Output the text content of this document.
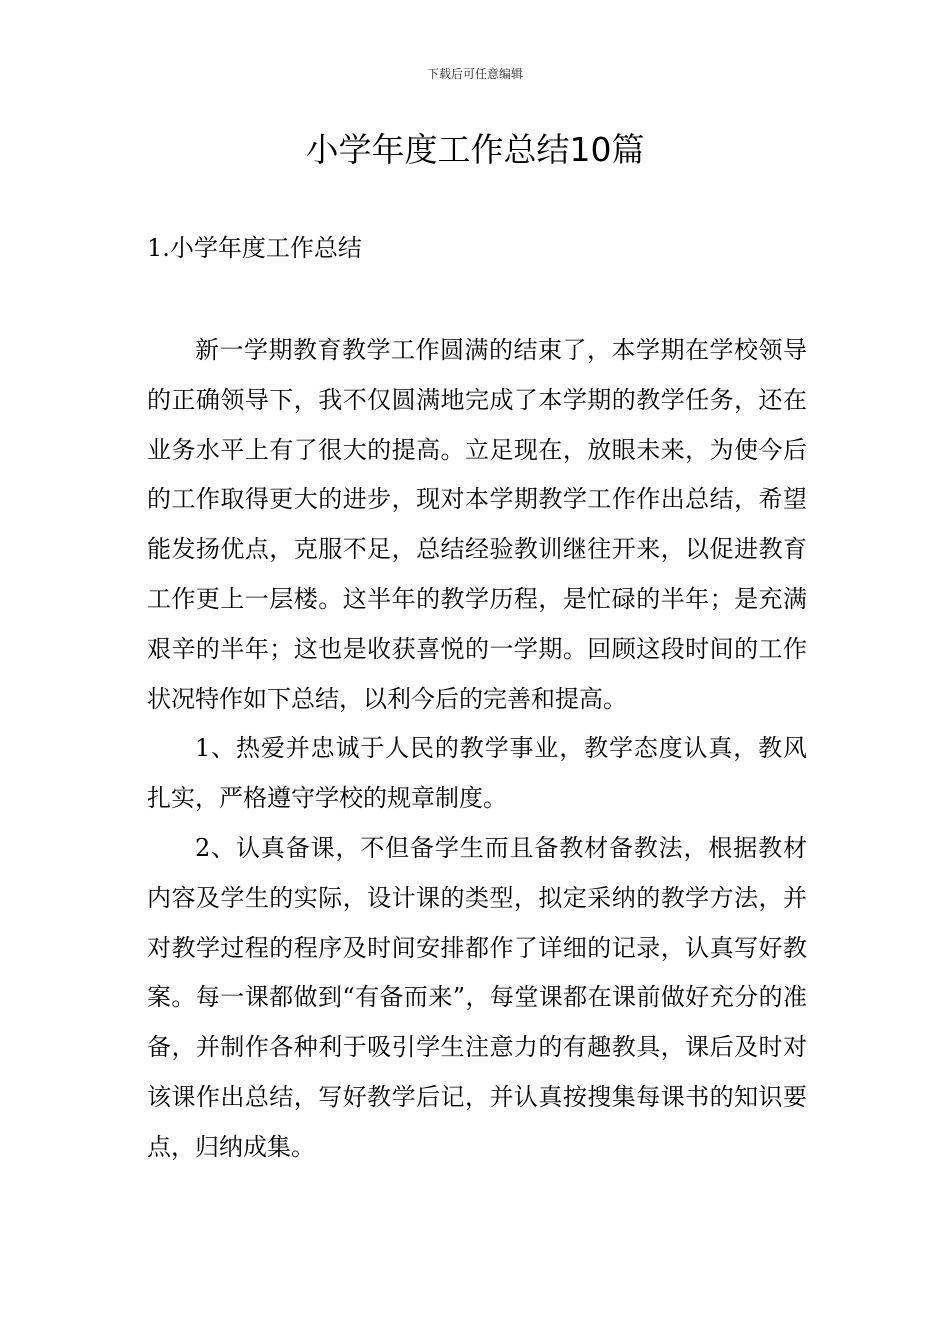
下载后可任意编辑
小学年度工作总结10篇
1.小学年度工作总结

新一学期教育教学工作圆满的结束了，本学期在学校领导的正确领导下，我不仅圆满地完成了本学期的教学任务，还在业务水平上有了很大的提高。立足现在，放眼未来，为使今后的工作取得更大的进步，现对本学期教学工作作出总结，希望能发扬优点，克服不足，总结经验教训继往开来，以促进教育工作更上一层楼。这半年的教学历程，是忙碌的半年；是充满艰辛的半年；这也是收获喜悦的一学期。回顾这段时间的工作状况特作如下总结，以利今后的完善和提高。

1、热爱并忠诚于人民的教学事业，教学态度认真，教风扎实，严格遵守学校的规章制度。

2、认真备课，不但备学生而且备教材备教法，根据教材内容及学生的实际，设计课的类型，拟定采纳的教学方法，并对教学过程的程序及时间安排都作了详细的记录，认真写好教案。每一课都做到“有备而来”，每堂课都在课前做好充分的准备，并制作各种利于吸引学生注意力的有趣教具，课后及时对该课作出总结，写好教学后记，并认真按搜集每课书的知识要点，归纳成集。
